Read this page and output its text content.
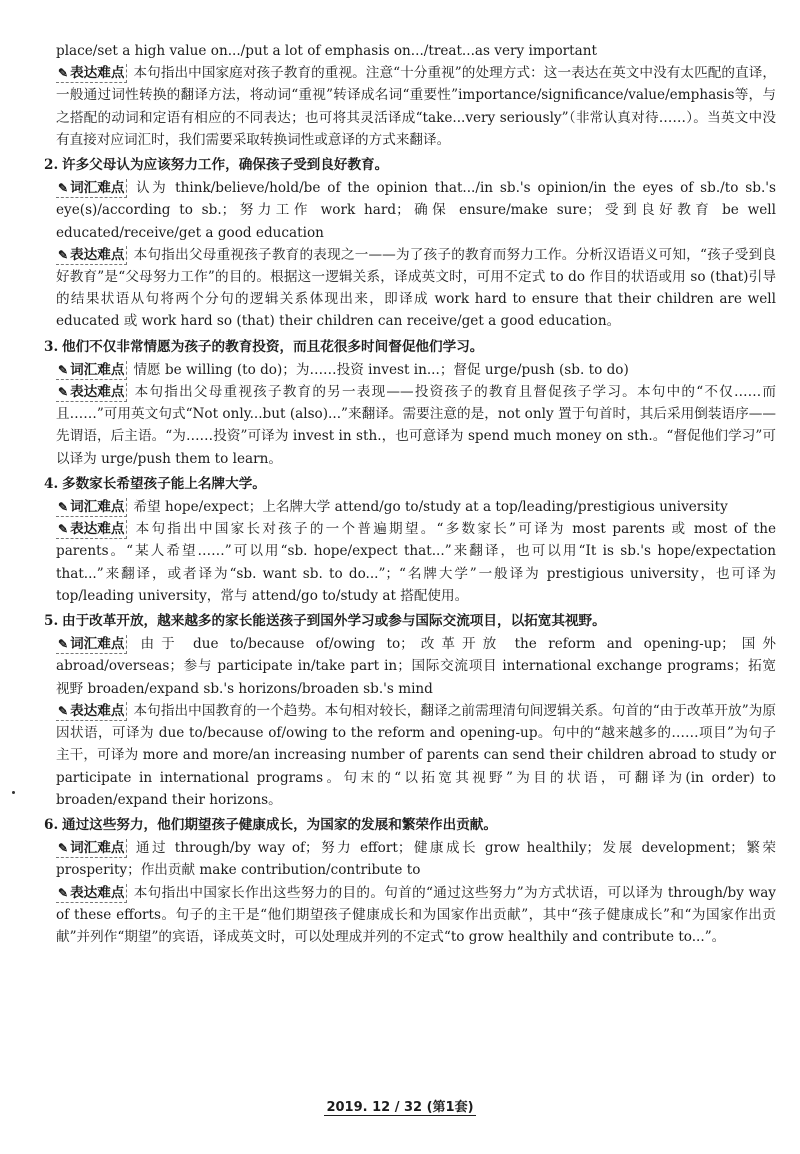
place/set a high value on.../put a lot of emphasis on.../treat...as very important

✎ 表达难点 本句指出中国家庭对孩子教育的重视。注意“十分重视”的处理方式：这一表达在英文中没有太匹配的直译，一般通过词性转换的翻译方法，将动词“重视”转译成名词“重要性”importance/significance/value/emphasis等，与之搭配的动词和定语有相应的不同表达；也可将其灵活译成“take...very seriously”（非常认真对待……）。当英文中没有直接对应词汇时，我们需要采取转换词性或意译的方式来翻译。

2. 许多父母认为应该努力工作，确保孩子受到良好教育。

✎ 词汇难点 认为 think/believe/hold/be of the opinion that.../in sb.'s opinion/in the eyes of sb./to sb.'s eye(s)/according to sb.；努力工作 work hard；确保 ensure/make sure；受到良好教育 be well educated/receive/get a good education

✎ 表达难点 本句指出父母重视孩子教育的表现之一——为了孩子的教育而努力工作。分析汉语语义可知，“孩子受到良好教育”是“父母努力工作”的目的。根据这一逻辑关系，译成英文时，可用不定式 to do 作目的状语或用 so (that)引导的结果状语从句将两个分句的逻辑关系体现出来，即译成 work hard to ensure that their children are well educated 或 work hard so (that) their children can receive/get a good education。

3. 他们不仅非常情愿为孩子的教育投资，而且花很多时间督促他们学习。

✎ 词汇难点 情愿 be willing (to do)；为……投资 invest in...；督促 urge/push (sb. to do)

✎ 表达难点 本句指出父母重视孩子教育的另一表现——投资孩子的教育且督促孩子学习。本句中的“不仅……而且……”可用英文句式“Not only...but (also)...”来翻译。需要注意的是，not only 置于句首时，其后采用倒装语序——先谓语，后主语。“为……投资”可译为 invest in sth.，也可意译为 spend much money on sth.。“督促他们学习”可以译为 urge/push them to learn。

4. 多数家长希望孩子能上名牌大学。

✎ 词汇难点 希望 hope/expect；上名牌大学 attend/go to/study at a top/leading/prestigious university

✎ 表达难点 本句指出中国家长对孩子的一个普遍期望。“多数家长”可译为 most parents 或 most of the parents。“某人希望……”可以用“sb. hope/expect that...”来翻译，也可以用“It is sb.'s hope/expectation that...”来翻译，或者译为“sb. want sb. to do...”；“名牌大学”一般译为 prestigious university，也可译为 top/leading university，常与 attend/go to/study at 搭配使用。

5. 由于改革开放，越来越多的家长能送孩子到国外学习或参与国际交流项目，以拓宽其视野。

✎ 词汇难点 由于 due to/because of/owing to；改革开放 the reform and opening-up；国外 abroad/overseas；参与 participate in/take part in；国际交流项目 international exchange programs；拓宽视野 broaden/expand sb.'s horizons/broaden sb.'s mind

✎ 表达难点 本句指出中国教育的一个趋势。本句相对较长，翻译之前需理清句间逻辑关系。句首的“由于改革开放”为原因状语，可译为 due to/because of/owing to the reform and opening-up。句中的“越来越多的……项目”为句子主干，可译为 more and more/an increasing number of parents can send their children abroad to study or participate in international programs。句末的“以拓宽其视野”为目的状语，可翻译为(in order) to broaden/expand their horizons。

6. 通过这些努力，他们期望孩子健康成长，为国家的发展和繁荣作出贡献。

✎ 词汇难点 通过 through/by way of；努力 effort；健康成长 grow healthily；发展 development；繁荣 prosperity；作出贡献 make contribution/contribute to

✎ 表达难点 本句指出中国家长作出这些努力的目的。句首的“通过这些努力”为方式状语，可以译为 through/by way of these efforts。句子的主干是“他们期望孩子健康成长和为国家作出贡献”，其中“孩子健康成长”和“为国家作出贡献”并列作“期望”的宾语，译成英文时，可以处理成并列的不定式“to grow healthily and contribute to...”。

2019. 12 / 32 (第1套)
